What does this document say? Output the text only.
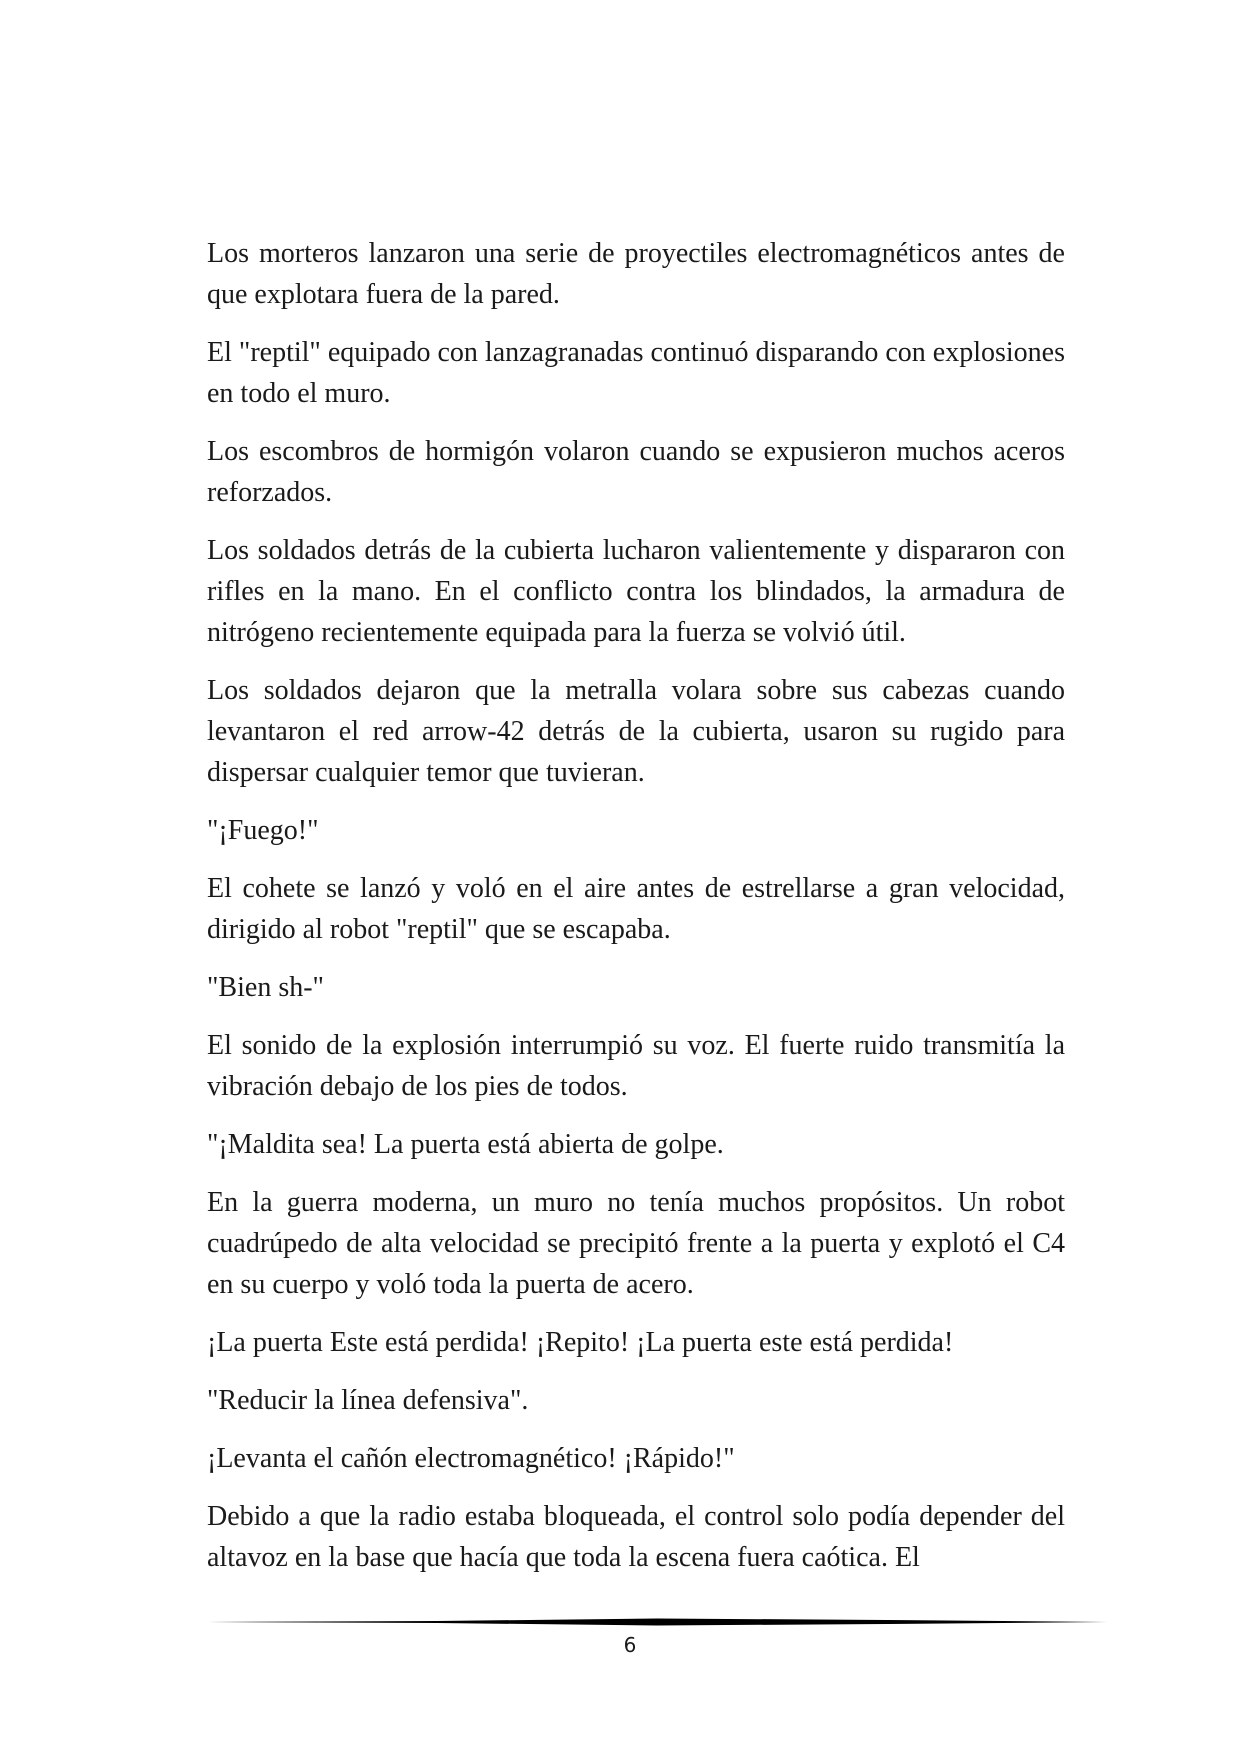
Los morteros lanzaron una serie de proyectiles electromagnéticos antes de que explotara fuera de la pared.

El "reptil" equipado con lanzagranadas continuó disparando con explosiones en todo el muro.

Los escombros de hormigón volaron cuando se expusieron muchos aceros reforzados.

Los soldados detrás de la cubierta lucharon valientemente y dispararon con rifles en la mano. En el conflicto contra los blindados, la armadura de nitrógeno recientemente equipada para la fuerza se volvió útil.

Los soldados dejaron que la metralla volara sobre sus cabezas cuando levantaron el red arrow-42 detrás de la cubierta, usaron su rugido para dispersar cualquier temor que tuvieran.

"¡Fuego!"

El cohete se lanzó y voló en el aire antes de estrellarse a gran velocidad, dirigido al robot "reptil" que se escapaba.

"Bien sh-"

El sonido de la explosión interrumpió su voz. El fuerte ruido transmitía la vibración debajo de los pies de todos.

"¡Maldita sea! La puerta está abierta de golpe.

En la guerra moderna, un muro no tenía muchos propósitos. Un robot cuadrúpedo de alta velocidad se precipitó frente a la puerta y explotó el C4 en su cuerpo y voló toda la puerta de acero.

¡La puerta Este está perdida! ¡Repito! ¡La puerta este está perdida!

"Reducir la línea defensiva".

¡Levanta el cañón electromagnético! ¡Rápido!"

Debido a que la radio estaba bloqueada, el control solo podía depender del altavoz en la base que hacía que toda la escena fuera caótica. El

6
